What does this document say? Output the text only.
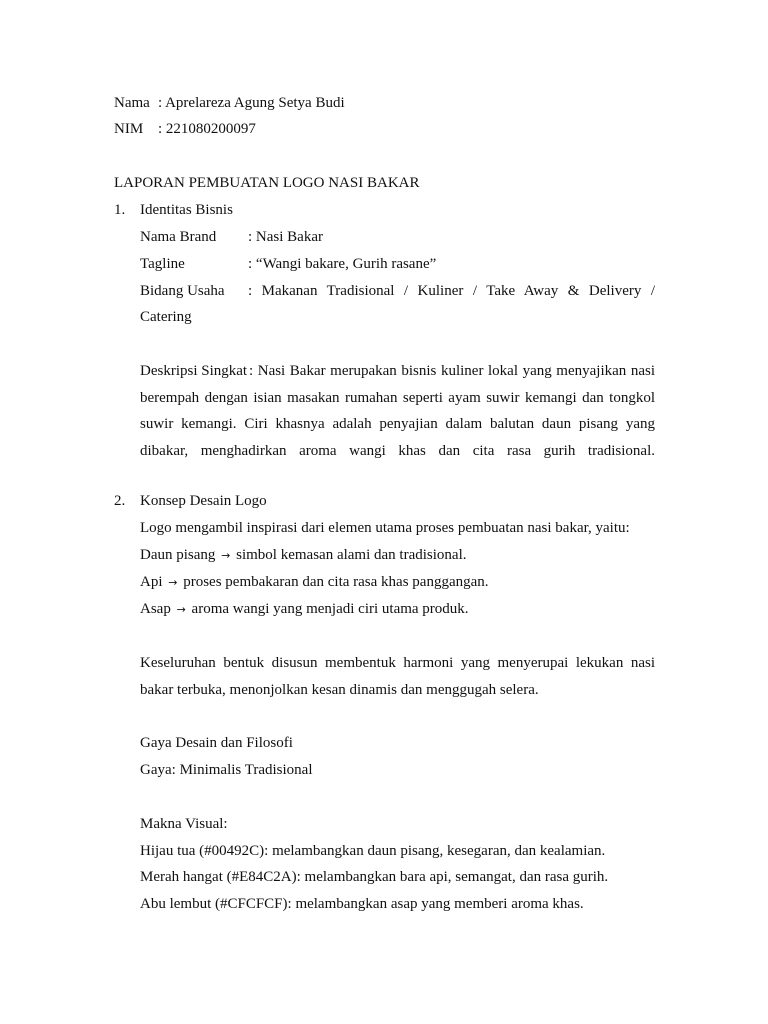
Nama : Aprelareza Agung Setya Budi
NIM : 221080200097
LAPORAN PEMBUATAN LOGO NASI BAKAR
1. Identitas Bisnis
Nama Brand : Nasi Bakar
Tagline	: “Wangi bakare, Gurih rasane”
Bidang Usaha : Makanan Tradisional / Kuliner / Take Away & Delivery /
Catering
Deskripsi Singkat : Nasi Bakar merupakan bisnis kuliner lokal yang menyajikan nasi
berempah dengan isian masakan rumahan seperti ayam suwir kemangi dan tongkol
suwir kemangi. Ciri khasnya adalah penyajian dalam balutan daun pisang yang
dibakar, menghadirkan aroma wangi khas dan cita rasa gurih tradisional.
2. Konsep Desain Logo
Logo mengambil inspirasi dari elemen utama proses pembuatan nasi bakar, yaitu:
Daun pisang → simbol kemasan alami dan tradisional.
Api → proses pembakaran dan cita rasa khas panggangan.
Asap → aroma wangi yang menjadi ciri utama produk.
Keseluruhan bentuk disusun membentuk harmoni yang menyerupai lekukan nasi
bakar terbuka, menonjolkan kesan dinamis dan menggugah selera.
Gaya Desain dan Filosofi
Gaya: Minimalis Tradisional
Makna Visual:
Hijau tua (#00492C): melambangkan daun pisang, kesegaran, dan kealamian.
Merah hangat (#E84C2A): melambangkan bara api, semangat, dan rasa gurih.
Abu lembut (#CFCFCF): melambangkan asap yang memberi aroma khas.
